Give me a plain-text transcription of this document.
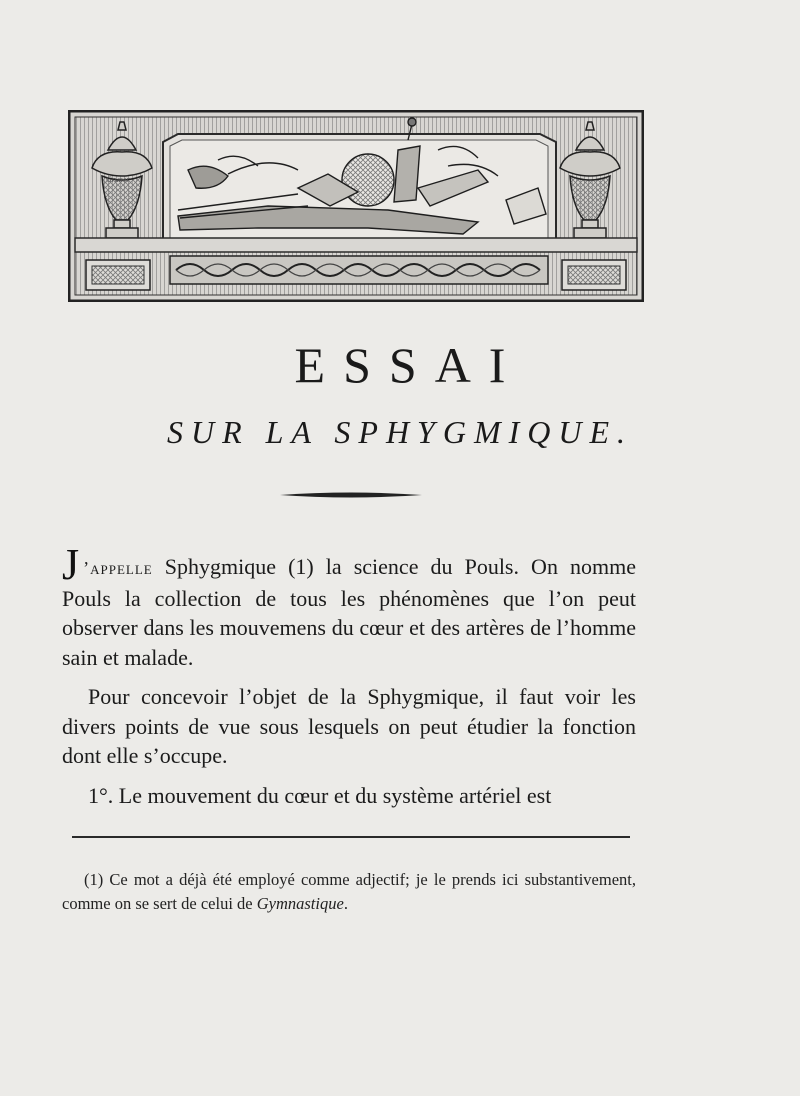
Gruner
ESSAI
SUR LA SPHYGMIQUE.

J ’appelle Sphygmique (1) la science du Pouls. On nomme Pouls la collection de tous les phénomènes que l’on peut observer dans les mouvemens du cœur et des artères de l’homme sain et malade.

Pour concevoir l’objet de la Sphygmique, il faut voir les divers points de vue sous lesquels on peut étudier la fonction dont elle s’occupe.

1°. Le mouvement du cœur et du système artériel est

(1) Ce mot a déjà été employé comme adjectif; je le prends ici substantivement, comme on se sert de celui de Gymnastique.
